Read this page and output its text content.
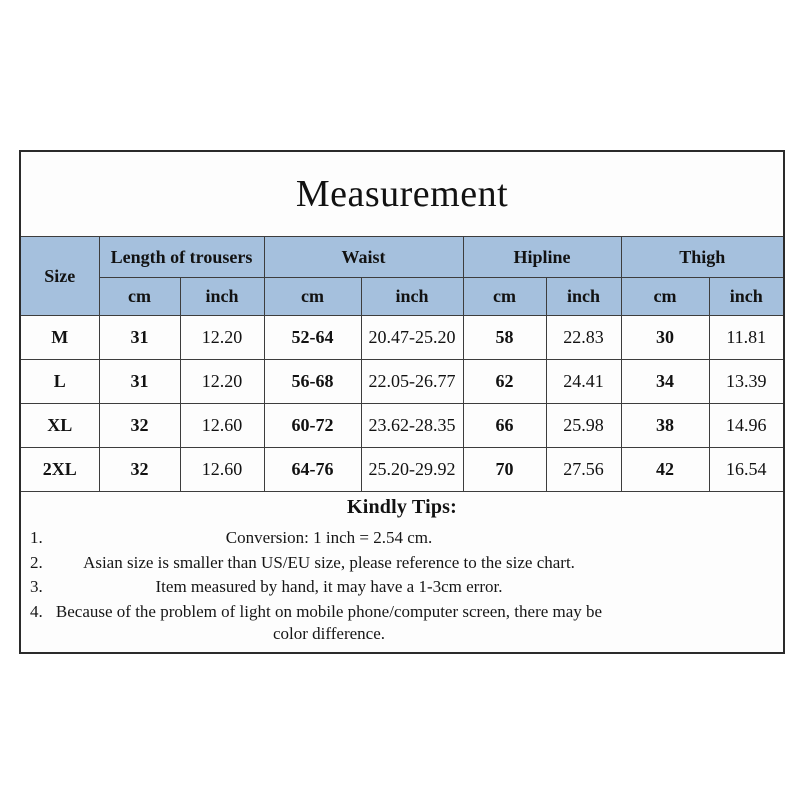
Measurement								
Size	Length of trousers		Waist		Hipline		Thigh	
	cm	inch	cm	inch	cm	inch	cm	inch
M	31	12.20	52-64	20.47-25.20	58	22.83	30	11.81
L	31	12.20	56-68	22.05-26.77	62	24.41	34	13.39
XL	32	12.60	60-72	23.62-28.35	66	25.98	38	14.96
2XL	32	12.60	64-76	25.20-29.92	70	27.56	42	16.54

Kindly Tips:

1. Conversion: 1 inch = 2.54 cm.
2. Asian size is smaller than US/EU size, please reference to the size chart.
3. Item measured by hand, it may have a 1-3cm error.
4. Because of the problem of light on mobile phone/computer screen, there may be color difference.
